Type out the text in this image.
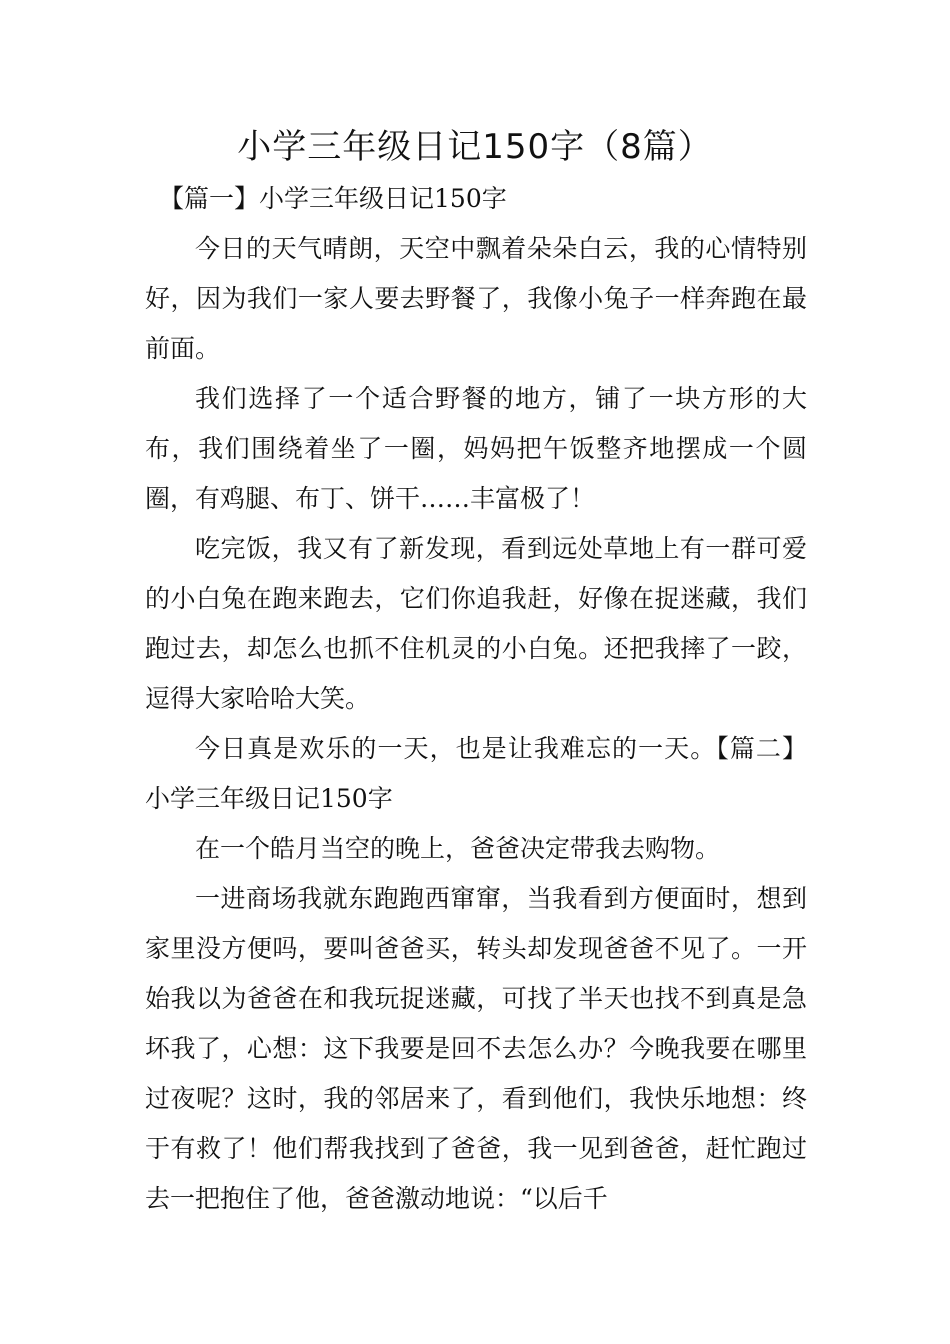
小学三年级日记150字（8篇）

【篇一】小学三年级日记150字

今日的天气晴朗，天空中飘着朵朵白云，我的心情特别好，因为我们一家人要去野餐了，我像小兔子一样奔跑在最前面。

我们选择了一个适合野餐的地方，铺了一块方形的大布，我们围绕着坐了一圈，妈妈把午饭整齐地摆成一个圆圈，有鸡腿、布丁、饼干……丰富极了！

吃完饭，我又有了新发现，看到远处草地上有一群可爱的小白兔在跑来跑去，它们你追我赶，好像在捉迷藏，我们跑过去，却怎么也抓不住机灵的小白兔。还把我摔了一跤，逗得大家哈哈大笑。

今日真是欢乐的一天，也是让我难忘的一天。【篇二】小学三年级日记150字

在一个皓月当空的晚上，爸爸决定带我去购物。

一进商场我就东跑跑西窜窜，当我看到方便面时，想到家里没方便吗，要叫爸爸买，转头却发现爸爸不见了。一开始我以为爸爸在和我玩捉迷藏，可找了半天也找不到真是急坏我了，心想：这下我要是回不去怎么办？今晚我要在哪里过夜呢？这时，我的邻居来了，看到他们，我快乐地想：终于有救了！他们帮我找到了爸爸，我一见到爸爸，赶忙跑过去一把抱住了他，爸爸激动地说：“以后千
